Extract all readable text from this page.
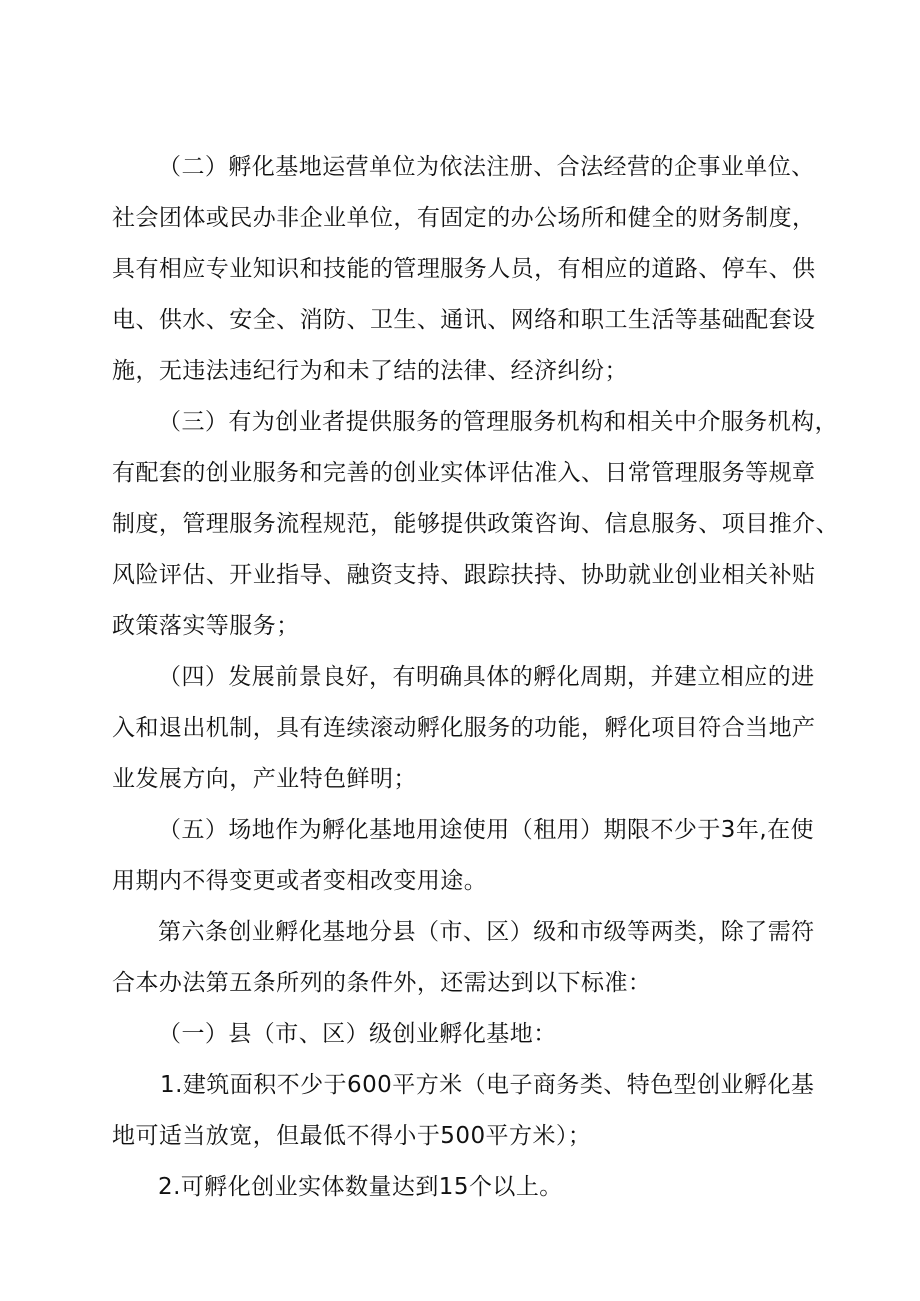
（二）孵化基地运营单位为依法注册、合法经营的企事业单位、
社会团体或民办非企业单位，有固定的办公场所和健全的财务制度，
具有相应专业知识和技能的管理服务人员，有相应的道路、停车、供
电、供水、安全、消防、卫生、通讯、网络和职工生活等基础配套设
施，无违法违纪行为和未了结的法律、经济纠纷；
（三）有为创业者提供服务的管理服务机构和相关中介服务机构，
有配套的创业服务和完善的创业实体评估准入、日常管理服务等规章
制度，管理服务流程规范，能够提供政策咨询、信息服务、项目推介、
风险评估、开业指导、融资支持、跟踪扶持、协助就业创业相关补贴
政策落实等服务；
（四）发展前景良好，有明确具体的孵化周期，并建立相应的进
入和退出机制，具有连续滚动孵化服务的功能，孵化项目符合当地产
业发展方向，产业特色鲜明；
（五）场地作为孵化基地用途使用（租用）期限不少于3年,在使
用期内不得变更或者变相改变用途。
第六条创业孵化基地分县（市、区）级和市级等两类，除了需符
合本办法第五条所列的条件外，还需达到以下标准：
（一）县（市、区）级创业孵化基地：
1.建筑面积不少于600平方米（电子商务类、特色型创业孵化基
地可适当放宽，但最低不得小于500平方米）；
2.可孵化创业实体数量达到15个以上。
